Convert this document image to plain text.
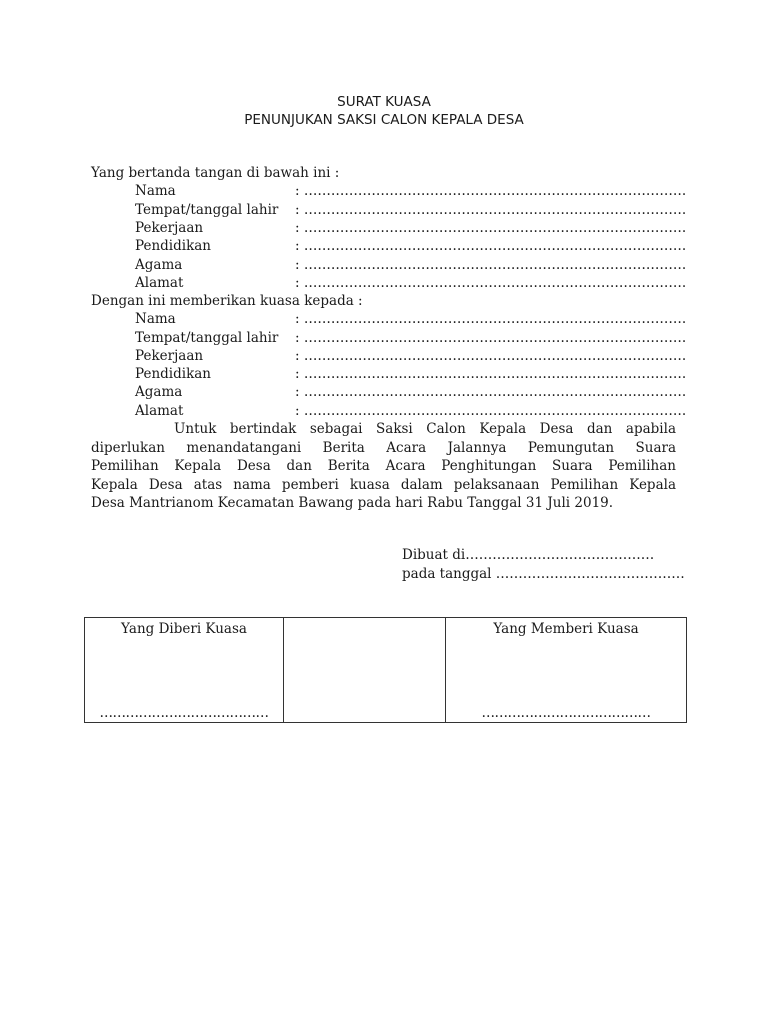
SURAT KUASA
PENUNJUKAN SAKSI CALON KEPALA DESA
Yang bertanda tangan di bawah ini :
Nama	: ………………………………………………………………………….
Tempat/tanggal lahir : ………………………………………………………………………….
Pekerjaan	: ………………………………………………………………………….
Pendidikan	: ………………………………………………………………………….
Agama	: ………………………………………………………………………….
Alamat	: ………………………………………………………………………….
Dengan ini memberikan kuasa kepada :
Nama	: ………………………………………………………………………….
Tempat/tanggal lahir : ………………………………………………………………………….
Pekerjaan	: ………………………………………………………………………….
Pendidikan	: ………………………………………………………………………….
Agama	: ………………………………………………………………………….
Alamat	: ………………………………………………………………………….
Untuk bertindak sebagai Saksi Calon Kepala Desa dan apabila
diperlukan menandatangani Berita Acara Jalannya Pemungutan Suara
Pemilihan Kepala Desa dan Berita Acara Penghitungan Suara Pemilihan
Kepala Desa atas nama pemberi kuasa dalam pelaksanaan Pemilihan Kepala
Desa Mantrianom Kecamatan Bawang pada hari Rabu Tanggal 31 Juli 2019.
Dibuat di……………………………………
pada tanggal ……………………………………
Yang Diberi Kuasa
…………………………………

Yang Memberi Kuasa
…………………………………
